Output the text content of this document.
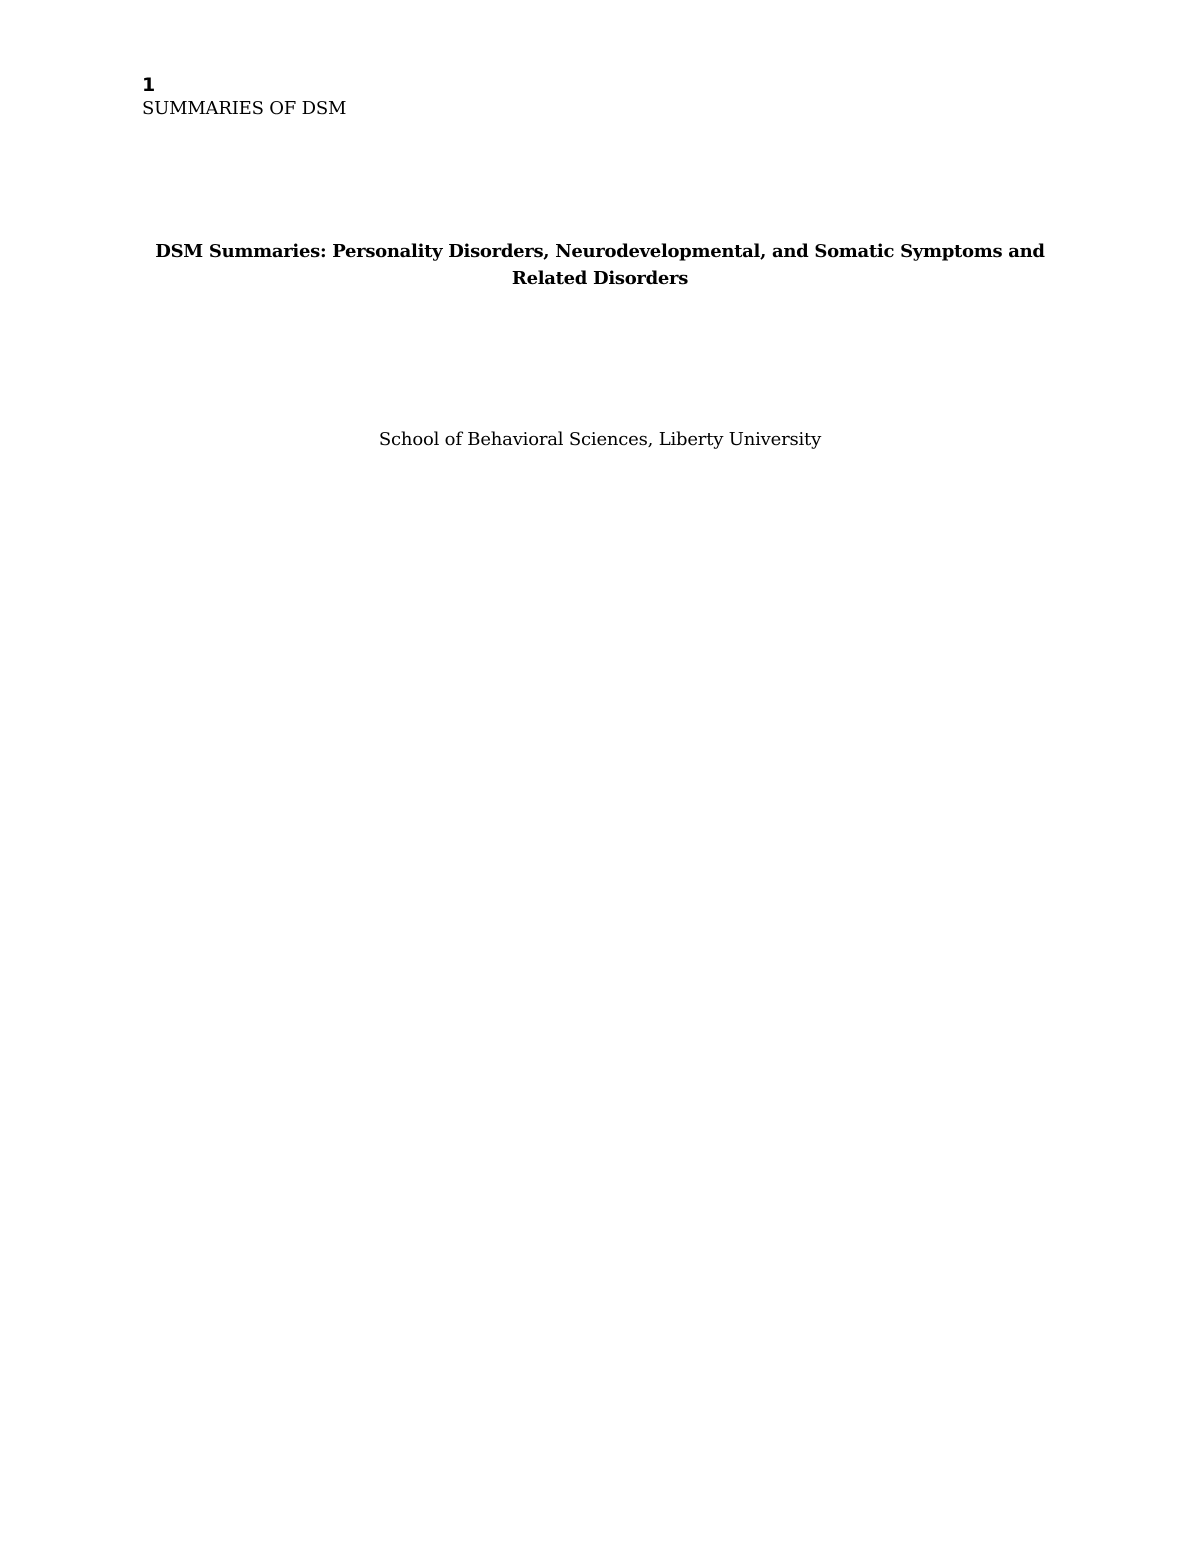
1
SUMMARIES OF DSM
DSM Summaries: Personality Disorders, Neurodevelopmental, and Somatic Symptoms and
Related Disorders
School of Behavioral Sciences, Liberty University
